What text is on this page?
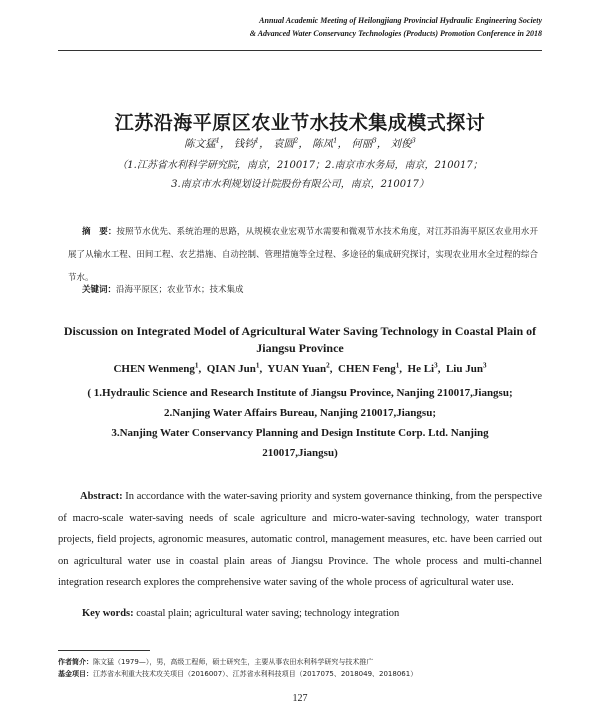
Annual Academic Meeting of Heilongjiang Provincial Hydraulic Engineering Society
& Advanced Water Conservancy Technologies (Products) Promotion Conference in 2018
江苏沿海平原区农业节水技术集成模式探讨
陈文猛$^1$， 钱钧$^1$， 袁圆$^2$， 陈凤$^1$， 何丽$^3$， 刘俊$^3$
（1.江苏省水利科学研究院，南京，210017；2.南京市水务局，南京，210017；
3.南京市水利规划设计院股份有限公司，南京，210017）
摘　要：按照节水优先、系统治理的思路，从规模农业宏观节水需要和微观节水技术角度，对江苏沿海平原区农业用水开展了从输水工程、田间工程、农艺措施、自动控制、管理措施等全过程、多途径的集成研究探讨，实现农业用水全过程的综合节水。
关键词：沿海平原区；农业节水；技术集成
Discussion on Integrated Model of Agricultural Water Saving Technology in Coastal Plain of Jiangsu Province
CHEN Wenmeng$^1$,  QIAN Jun$^1$,  YUAN Yuan$^2$,  CHEN Feng$^1$,  He Li$^3$,  Liu Jun$^3$
( 1.Hydraulic Science and Research Institute of Jiangsu Province, Nanjing 210017,Jiangsu;
2.Nanjing Water Affairs Bureau, Nanjing 210017,Jiangsu;
3.Nanjing Water Conservancy Planning and Design Institute Corp. Ltd. Nanjing
210017,Jiangsu)
Abstract: In accordance with the water-saving priority and system governance thinking, from the perspective of macro-scale water-saving needs of scale agriculture and micro-water-saving technology, water transport projects, field projects, agronomic measures, automatic control, management measures, etc. have been carried out on agricultural water use in coastal plain areas of Jiangsu Province. The whole process and multi-channel integration research explores the comprehensive water saving of the whole process of agricultural water use.
Key words: coastal plain; agricultural water saving; technology integration
作者简介：陈文猛（1979—），男，高级工程师，硕士研究生，主要从事农田水利科学研究与技术推广
基金项目：江苏省水利重大技术攻关项目（2016007）、江苏省水利科技项目（2017075、2018049、2018061）
127
